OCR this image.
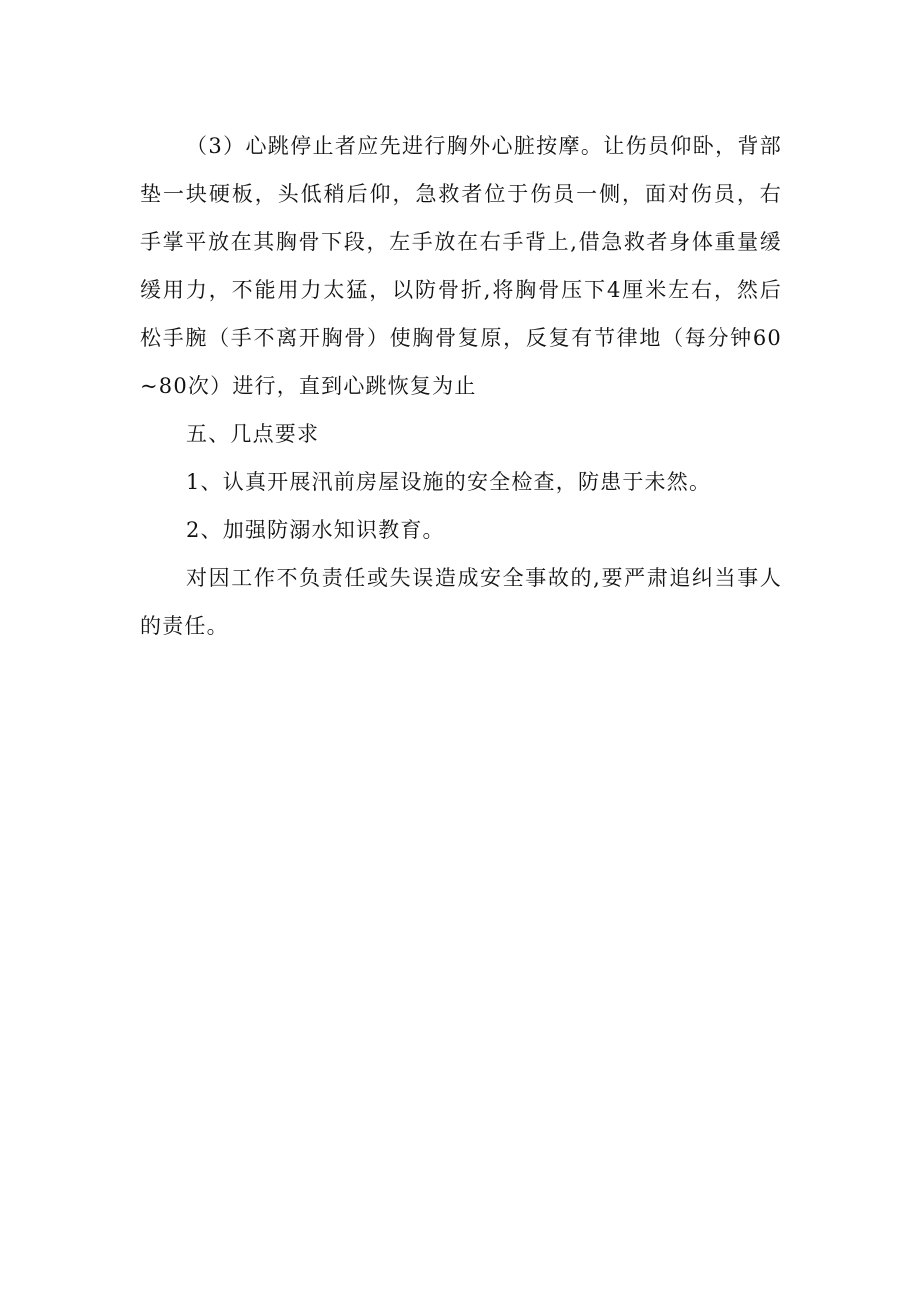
（3）心跳停止者应先进行胸外心脏按摩。让伤员仰卧，背部垫一块硬板，头低稍后仰，急救者位于伤员一侧，面对伤员，右手掌平放在其胸骨下段，左手放在右手背上,借急救者身体重量缓缓用力，不能用力太猛，以防骨折,将胸骨压下4厘米左右，然后松手腕（手不离开胸骨）使胸骨复原，反复有节律地（每分钟60~80次）进行，直到心跳恢复为止

五、几点要求

1、认真开展汛前房屋设施的安全检查，防患于未然。

2、加强防溺水知识教育。

对因工作不负责任或失误造成安全事故的,要严肃追纠当事人的责任。
